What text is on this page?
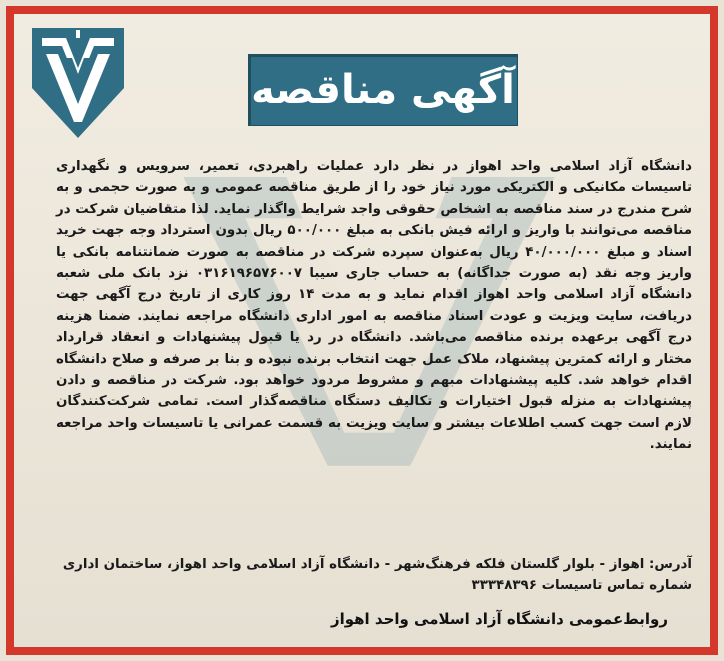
آگهی مناقصه

دانشگاه آزاد اسلامی واحد اهواز در نظر دارد عملیات راهبردی، تعمیر، سرویس و نگهداری تاسیسات مکانیکی و الکتریکی مورد نیاز خود را از طریق مناقصه عمومی و به صورت حجمی و به شرح مندرج در سند مناقصه به اشخاص حقوقی واجد شرایط واگذار نماید. لذا متقاضیان شرکت در مناقصه می‌توانند با واریز و ارائه فیش بانکی به مبلغ ۵۰۰/۰۰۰ ریال بدون استرداد وجه جهت خرید اسناد و مبلغ ۴۰/۰۰۰/۰۰۰ ریال به‌عنوان سپرده شرکت در مناقصه به صورت ضمانتنامه بانکی یا واریز وجه نقد (به صورت جداگانه) به حساب جاری سیبا ۰۳۱۶۱۹۶۵۷۶۰۰۷ نزد بانک ملی شعبه دانشگاه آزاد اسلامی واحد اهواز اقدام نماید و به مدت ۱۴ روز کاری از تاریخ درج آگهی جهت دریافت، سایت ویزیت و عودت اسناد مناقصه به امور اداری دانشگاه مراجعه نمایند. ضمنا هزینه درج آگهی برعهده برنده مناقصه می‌باشد. دانشگاه در رد یا قبول پیشنهادات و انعقاد قرارداد مختار و ارائه کمترین پیشنهاد، ملاک عمل جهت انتخاب برنده نبوده و بنا بر صرفه و صلاح دانشگاه اقدام خواهد شد. کلیه پیشنهادات مبهم و مشروط مردود خواهد بود. شرکت در مناقصه و دادن پیشنهادات به منزله قبول اختیارات و تکالیف دستگاه مناقصه‌گذار است. تمامی شرکت‌کنندگان لازم است جهت کسب اطلاعات بیشتر و سایت ویزیت به قسمت عمرانی یا تاسیسات واحد مراجعه نمایند.

آدرس: اهواز - بلوار گلستان فلکه فرهنگ‌شهر - دانشگاه آزاد اسلامی واحد اهواز، ساختمان اداری شماره تماس تاسیسات ۳۳۳۴۸۳۹۶
روابط‌عمومی دانشگاه آزاد اسلامی واحد اهواز
